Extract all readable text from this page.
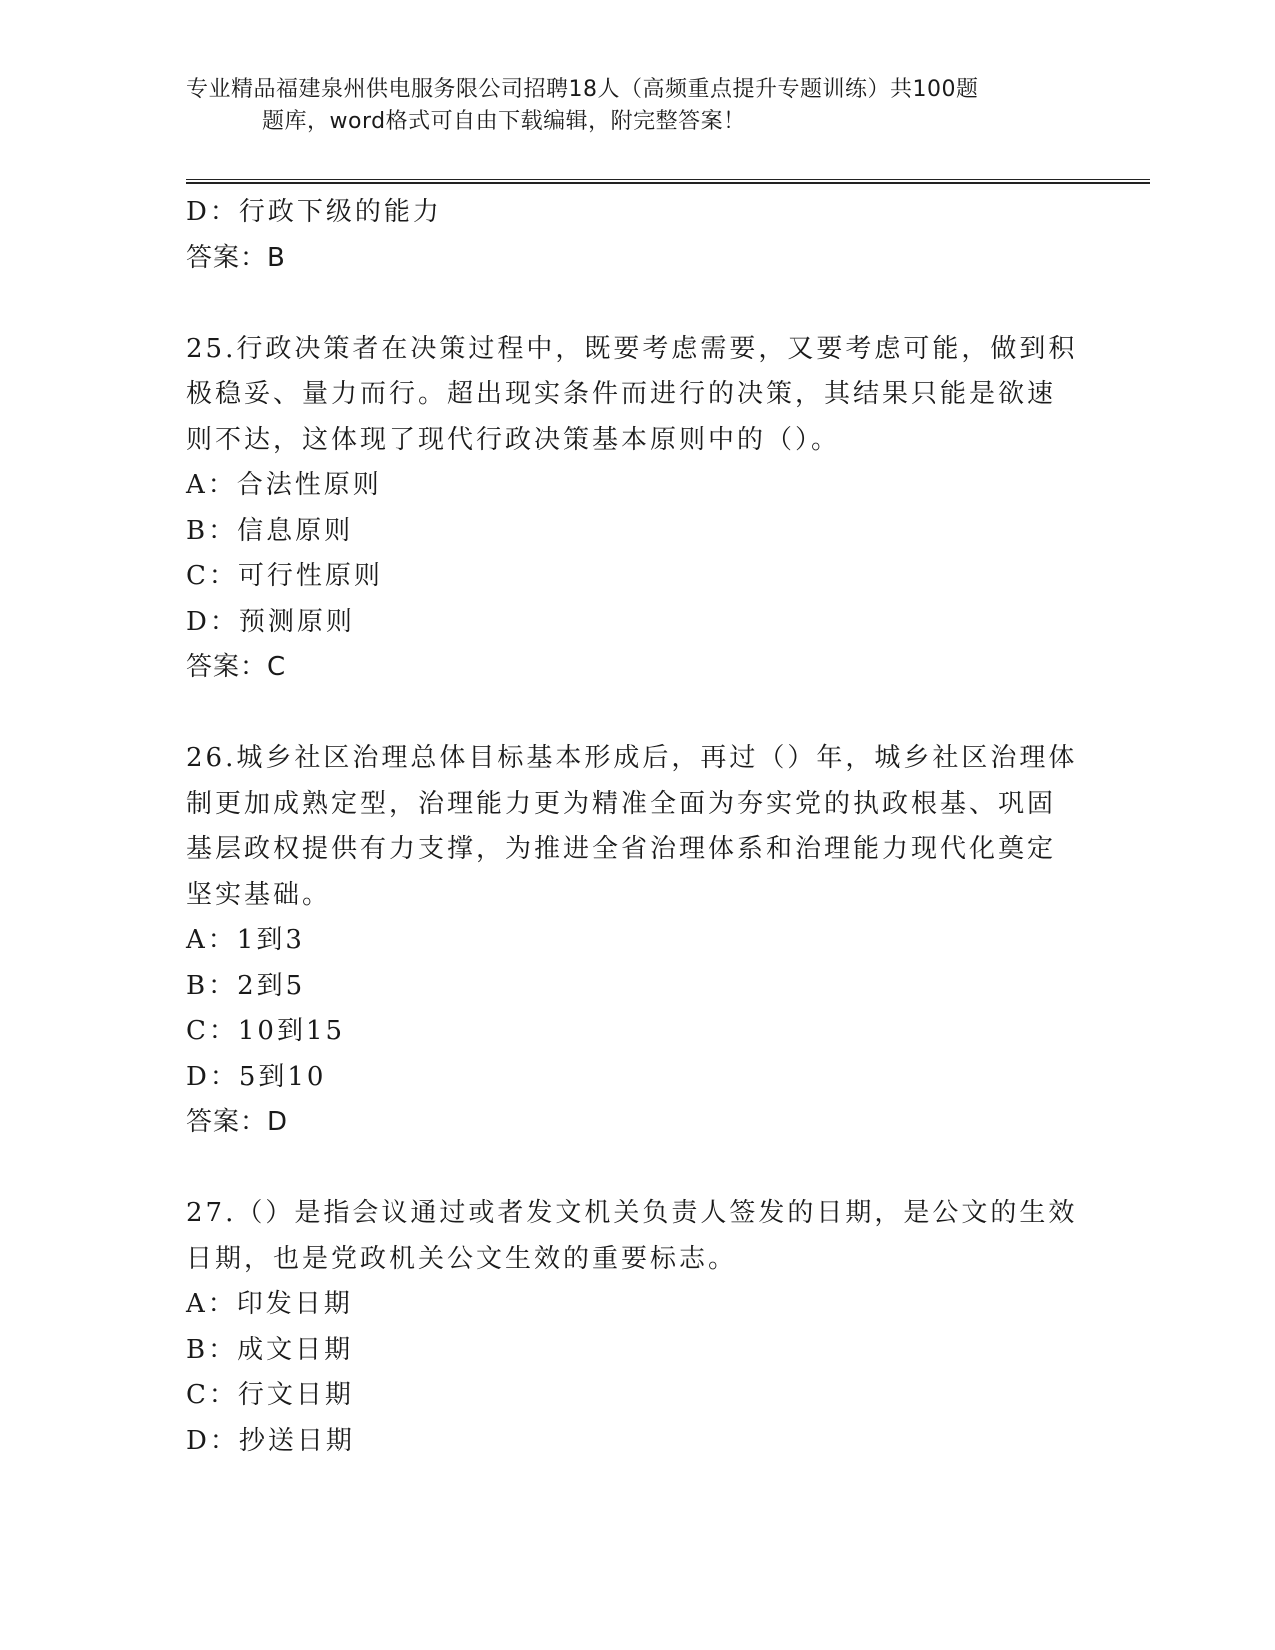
专业精品福建泉州供电服务限公司招聘18人（高频重点提升专题训练）共100题
题库，word格式可自由下载编辑，附完整答案！
D：行政下级的能力
答案：B
25.行政决策者在决策过程中，既要考虑需要，又要考虑可能，做到积
极稳妥、量力而行。超出现实条件而进行的决策，其结果只能是欲速
则不达，这体现了现代行政决策基本原则中的（）。
A：合法性原则
B：信息原则
C：可行性原则
D：预测原则
答案：C
26.城乡社区治理总体目标基本形成后，再过（）年，城乡社区治理体
制更加成熟定型，治理能力更为精准全面为夯实党的执政根基、巩固
基层政权提供有力支撑，为推进全省治理体系和治理能力现代化奠定
坚实基础。
A：1到3
B：2到5
C：10到15
D：5到10
答案：D
27.（）是指会议通过或者发文机关负责人签发的日期，是公文的生效
日期，也是党政机关公文生效的重要标志。
A：印发日期
B：成文日期
C：行文日期
D：抄送日期
